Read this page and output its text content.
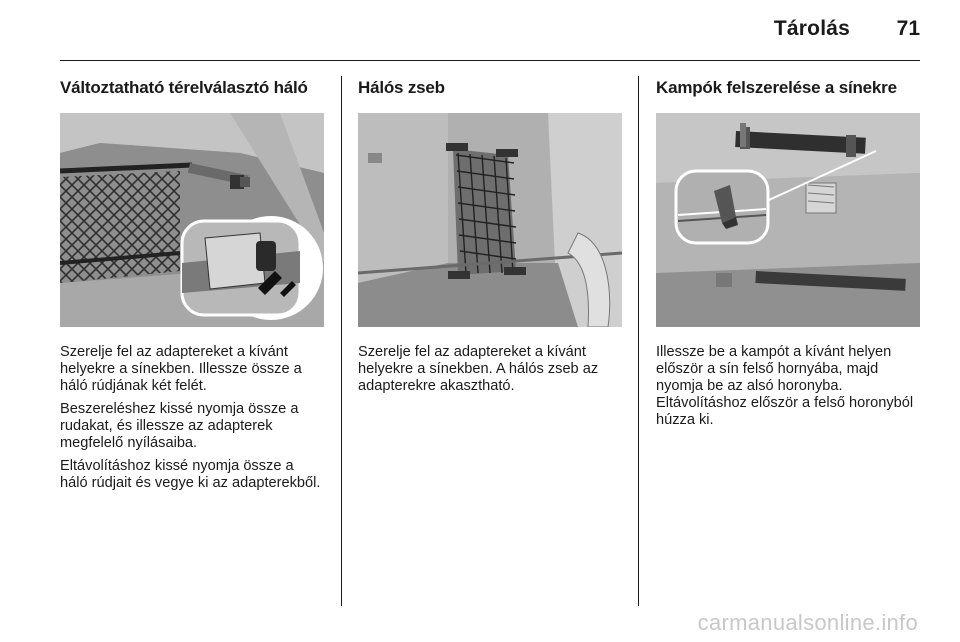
Tárolás 71
Változtatható térelválasztó háló

Szerelje fel az adaptereket a kívánt helyekre a sínekben. Illessze össze a háló rúdjának két felét.

Beszereléshez kissé nyomja össze a rudakat, és illessze az adapterek megfelelő nyílásaiba.

Eltávolításhoz kissé nyomja össze a háló rúdjait és vegye ki az adapterekből.

Hálós zseb

Szerelje fel az adaptereket a kívánt helyekre a sínekben. A hálós zseb az adapterekre akasztható.

Kampók felszerelése a sínekre

Illessze be a kampót a kívánt helyen először a sín felső hornyába, majd nyomja be az alsó horonyba. Eltávolításhoz először a felső horonyból húzza ki.

carmanualsonline.info
